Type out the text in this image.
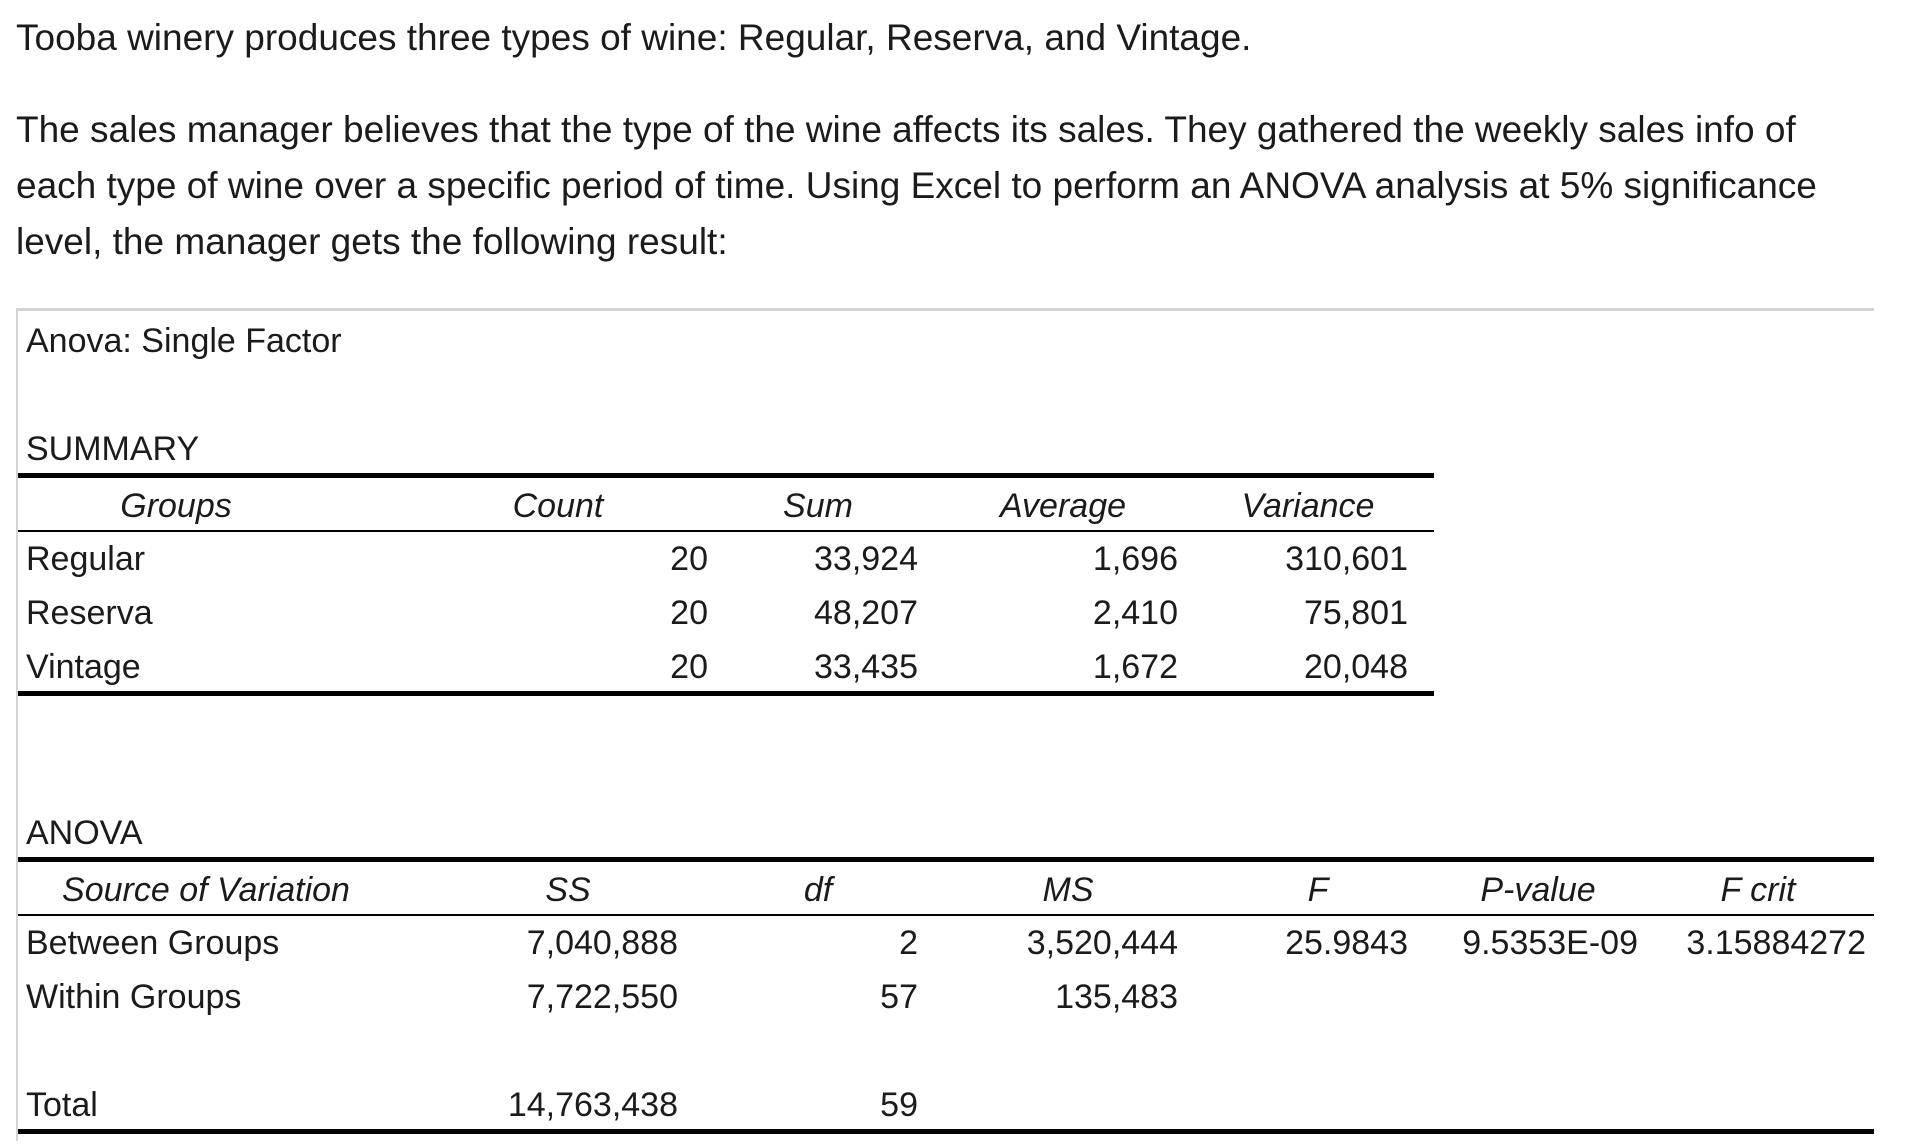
Tooba winery produces three types of wine: Regular, Reserva, and Vintage.

The sales manager believes that the type of the wine affects its sales. They gathered the weekly sales info of each type of wine over a specific period of time. Using Excel to perform an ANOVA analysis at 5% significance level, the manager gets the following result:

Anova: Single Factor
SUMMARY
Groups	Count	Sum	Average	Variance
Regular	20	33,924	1,696	310,601
Reserva	20	48,207	2,410	75,801
Vintage	20	33,435	1,672	20,048
ANOVA
Source of Variation	SS	df	MS	F	P-value	F crit
Between Groups	7,040,888	2	3,520,444	25.9843	9.5353E-09	3.15884272
Within Groups	7,722,550	57	135,483
Total	14,763,438	59
